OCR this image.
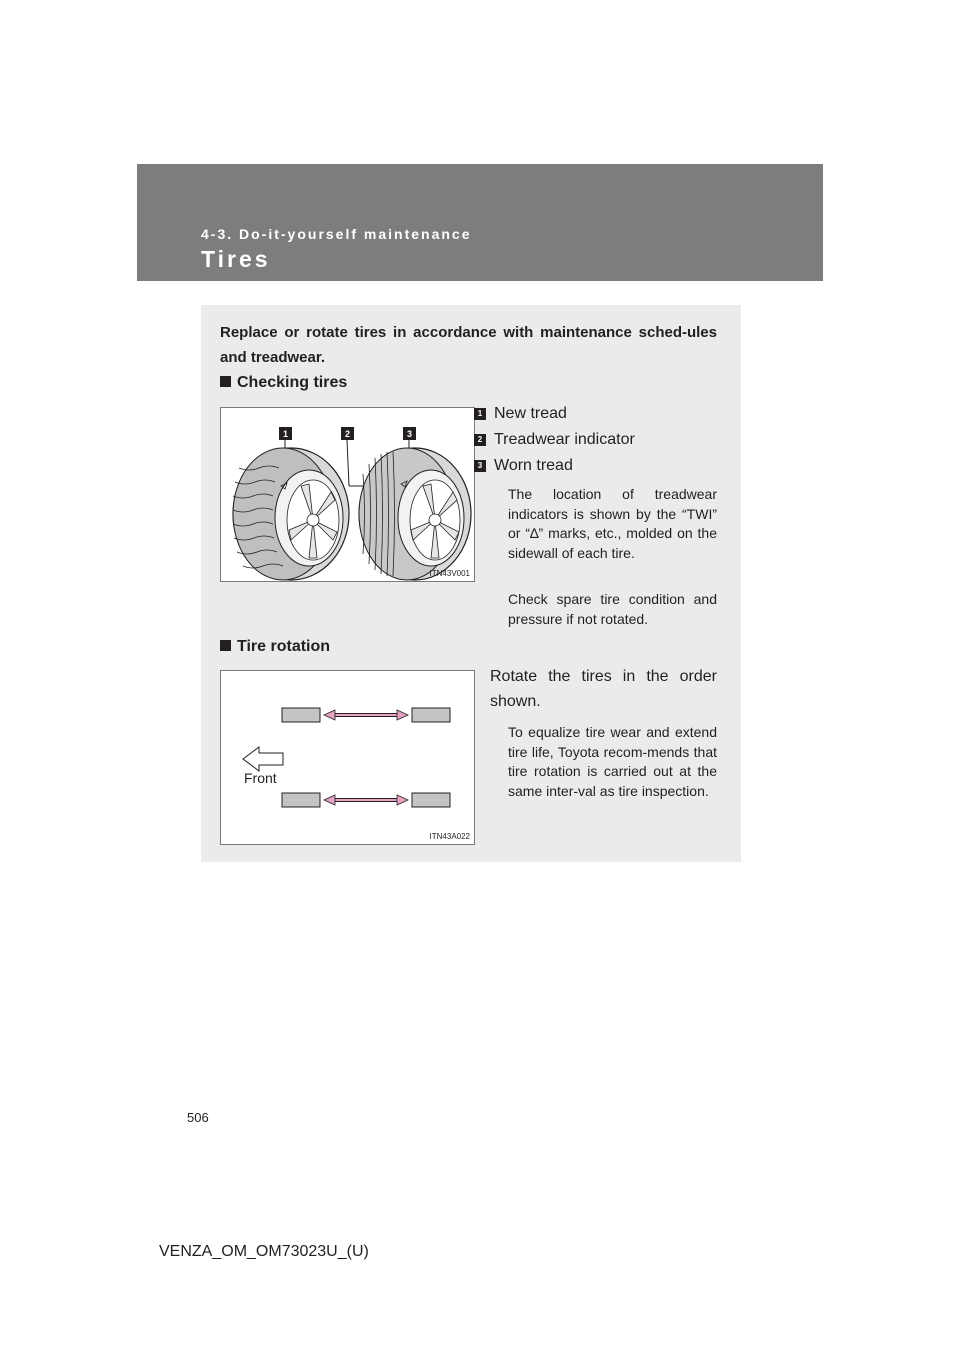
4-3. Do-it-yourself maintenance
Tires
Replace or rotate tires in accordance with maintenance sched-ules and treadwear.
Checking tires
1	2	3
ITN43V001
1 New tread
2 Treadwear indicator
3 Worn tread
The location of treadwear indicators is shown by the “TWI” or “∆” marks, etc., molded on the sidewall of each tire.
Check spare tire condition and pressure if not rotated.
Tire rotation
Front
ITN43A022
Rotate the tires in the order shown.
To equalize tire wear and extend tire life, Toyota recom-mends that tire rotation is carried out at the same inter-val as tire inspection.
506
VENZA_OM_OM73023U_(U)
